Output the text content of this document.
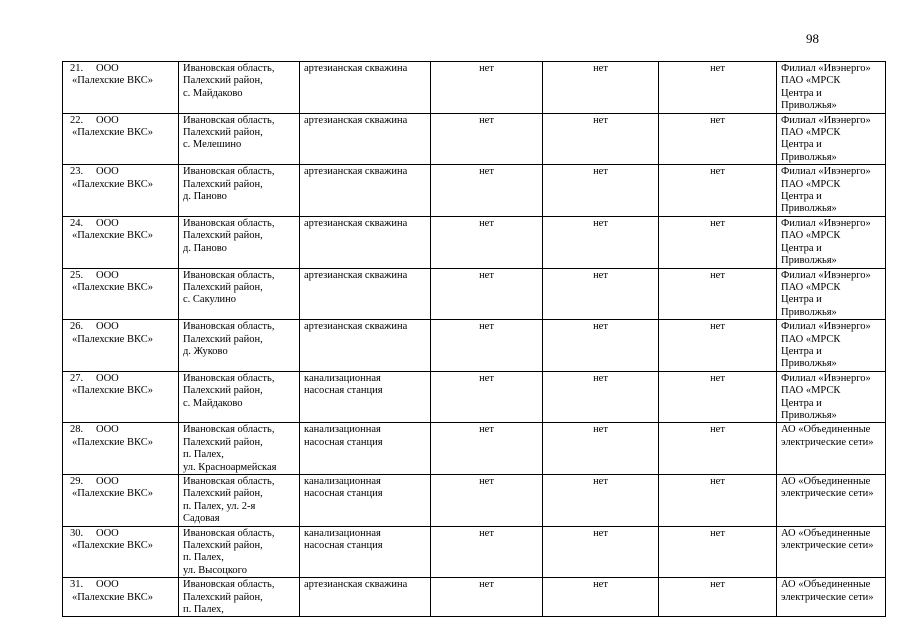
98
21. ООО
«Палехские ВКС»	Ивановская область,
Палехский район,
с. Майдаково	артезианская скважина	нет	нет	нет	Филиал «Ивэнерго»
ПАО «МРСК
Центра и
Приволжья»

22. ООО
«Палехские ВКС»	Ивановская область,
Палехский район,
с. Мелешино	артезианская скважина	нет	нет	нет	Филиал «Ивэнерго»
ПАО «МРСК
Центра и
Приволжья»

23. ООО
«Палехские ВКС»	Ивановская область,
Палехский район,
д. Паново	артезианская скважина	нет	нет	нет	Филиал «Ивэнерго»
ПАО «МРСК
Центра и
Приволжья»

24. ООО
«Палехские ВКС»	Ивановская область,
Палехский район,
д. Паново	артезианская скважина	нет	нет	нет	Филиал «Ивэнерго»
ПАО «МРСК
Центра и
Приволжья»

25. ООО
«Палехские ВКС»	Ивановская область,
Палехский район,
с. Сакулино	артезианская скважина	нет	нет	нет	Филиал «Ивэнерго»
ПАО «МРСК
Центра и
Приволжья»

26. ООО
«Палехские ВКС»	Ивановская область,
Палехский район,
д. Жуково	артезианская скважина	нет	нет	нет	Филиал «Ивэнерго»
ПАО «МРСК
Центра и
Приволжья»

27. ООО
«Палехские ВКС»	Ивановская область,
Палехский район,
с. Майдаково	канализационная
насосная станция	нет	нет	нет	Филиал «Ивэнерго»
ПАО «МРСК
Центра и
Приволжья»

28. ООО
«Палехские ВКС»	Ивановская область,
Палехский район,
п. Палех,
ул. Красноармейская	канализационная
насосная станция	нет	нет	нет	АО «Объединенные
электрические сети»

29. ООО
«Палехские ВКС»	Ивановская область,
Палехский район,
п. Палех, ул. 2-я
Садовая	канализационная
насосная станция	нет	нет	нет	АО «Объединенные
электрические сети»

30. ООО
«Палехские ВКС»	Ивановская область,
Палехский район,
п. Палех,
ул. Высоцкого	канализационная
насосная станция	нет	нет	нет	АО «Объединенные
электрические сети»

31. ООО
«Палехские ВКС»	Ивановская область,
Палехский район,
п. Палех,	артезианская скважина	нет	нет	нет	АО «Объединенные
электрические сети»
